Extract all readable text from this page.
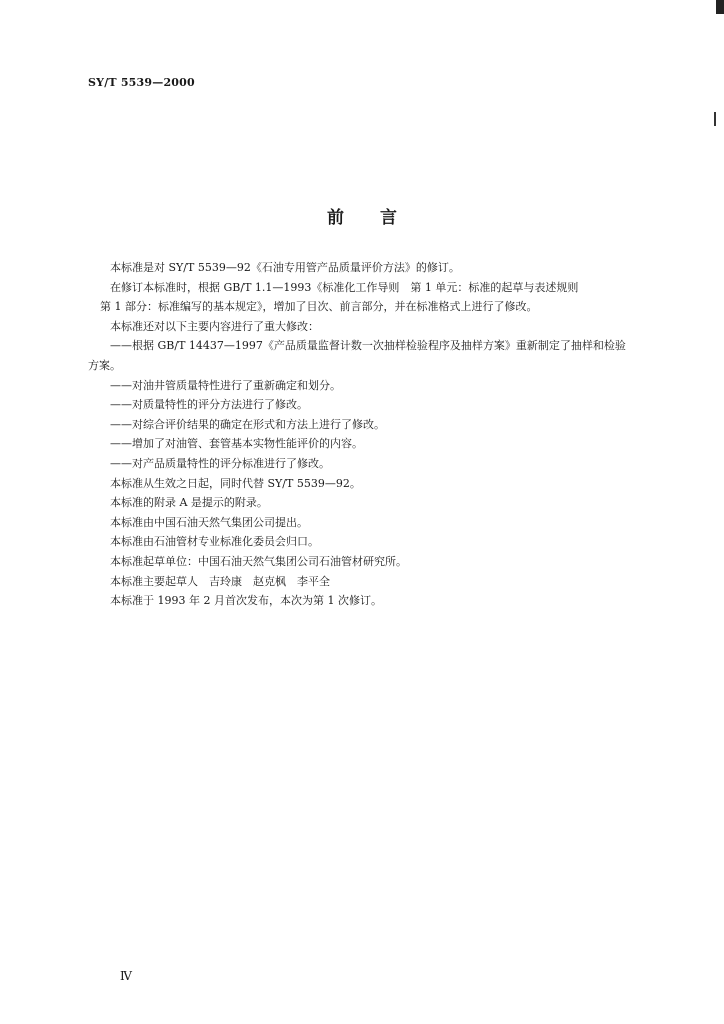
SY/T 5539—2000
前言

本标准是对 SY/T 5539—92《石油专用管产品质量评价方法》的修订。

在修订本标准时，根据 GB/T 1.1—1993《标准化工作导则　第 1 单元：标准的起草与表述规则

第 1 部分：标准编写的基本规定》，增加了目次、前言部分，并在标准格式上进行了修改。

本标准还对以下主要内容进行了重大修改：

——根据 GB/T 14437—1997《产品质量监督计数一次抽样检验程序及抽样方案》重新制定了抽样和检验方案。

——对油井管质量特性进行了重新确定和划分。

——对质量特性的评分方法进行了修改。

——对综合评价结果的确定在形式和方法上进行了修改。

——增加了对油管、套管基本实物性能评价的内容。

——对产品质量特性的评分标准进行了修改。

本标准从生效之日起，同时代替 SY/T 5539—92。

本标准的附录 A 是提示的附录。

本标准由中国石油天然气集团公司提出。

本标准由石油管材专业标准化委员会归口。

本标准起草单位：中国石油天然气集团公司石油管材研究所。

本标准主要起草人　吉玲康　赵克枫　李平全

本标准于 1993 年 2 月首次发布，本次为第 1 次修订。

Ⅳ
